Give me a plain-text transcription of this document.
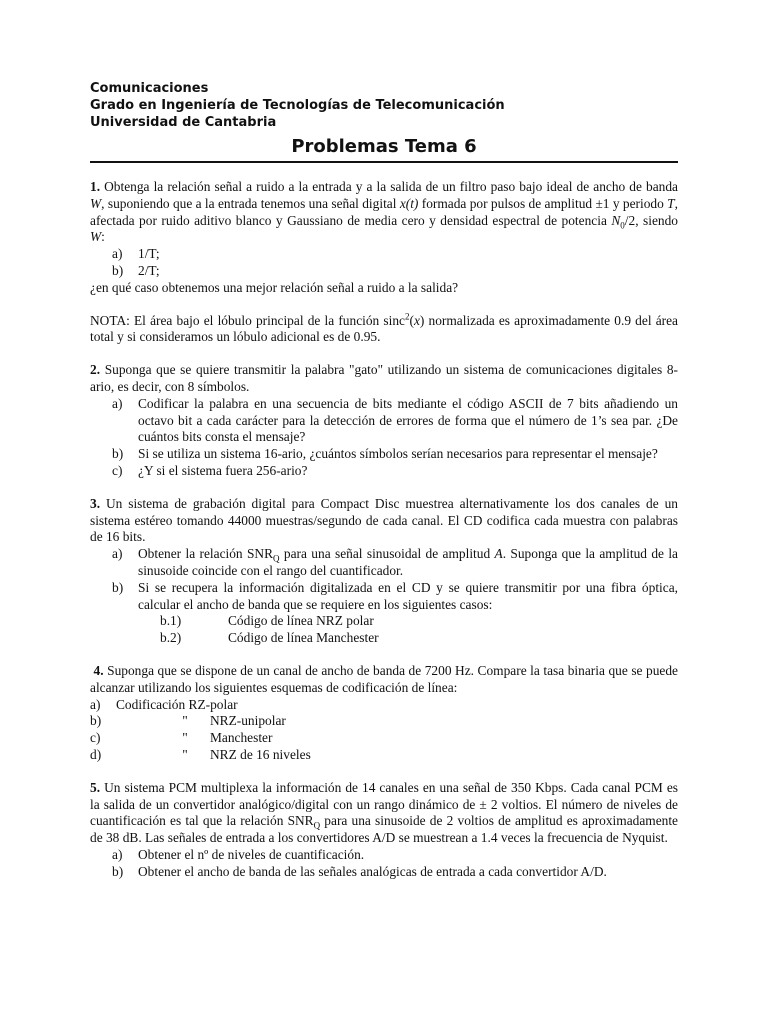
Comunicaciones
Grado en Ingeniería de Tecnologías de Telecomunicación
Universidad de Cantabria
Problemas Tema 6

1. Obtenga la relación señal a ruido a la entrada y a la salida de un filtro paso bajo ideal de ancho de banda W, suponiendo que a la entrada tenemos una señal digital x(t) formada por pulsos de amplitud ±1 y periodo T, afectada por ruido aditivo blanco y Gaussiano de media cero y densidad espectral de potencia $N_0/2$, siendo W:

a) 1/T;
b) 2/T;

¿en qué caso obtenemos una mejor relación señal a ruido a la salida?

NOTA: El área bajo el lóbulo principal de la función sinc$^2$(x) normalizada es aproximadamente 0.9 del área total y si consideramos un lóbulo adicional es de 0.95.

2. Suponga que se quiere transmitir la palabra "gato" utilizando un sistema de comunicaciones digitales 8-ario, es decir, con 8 símbolos.

a) Codificar la palabra en una secuencia de bits mediante el código ASCII de 7 bits añadiendo un octavo bit a cada carácter para la detección de errores de forma que el número de 1’s sea par. ¿De cuántos bits consta el mensaje?
b) Si se utiliza un sistema 16-ario, ¿cuántos símbolos serían necesarios para representar el mensaje?
c) ¿Y si el sistema fuera 256-ario?

3. Un sistema de grabación digital para Compact Disc muestrea alternativamente los dos canales de un sistema estéreo tomando 44000 muestras/segundo de cada canal. El CD codifica cada muestra con palabras de 16 bits.

a) Obtener la relación $SNR_Q$ para una señal sinusoidal de amplitud A. Suponga que la amplitud de la sinusoide coincide con el rango del cuantificador.
b) Si se recupera la información digitalizada en el CD y se quiere transmitir por una fibra óptica, calcular el ancho de banda que se requiere en los siguientes casos:
b.1)	Código de línea NRZ polar
b.2)	Código de línea Manchester

4. Suponga que se dispone de un canal de ancho de banda de 7200 Hz. Compare la tasa binaria que se puede alcanzar utilizando los siguientes esquemas de codificación de línea:

a) Codificación RZ-polar
b)	" NRZ-unipolar
c)	" Manchester
d)	" NRZ de 16 niveles

5. Un sistema PCM multiplexa la información de 14 canales en una señal de 350 Kbps. Cada canal PCM es la salida de un convertidor analógico/digital con un rango dinámico de ± 2 voltios. El número de niveles de cuantificación es tal que la relación $SNR_Q$ para una sinusoide de 2 voltios de amplitud es aproximadamente de 38 dB. Las señales de entrada a los convertidores A/D se muestrean a 1.4 veces la frecuencia de Nyquist.

a) Obtener el nº de niveles de cuantificación.
b) Obtener el ancho de banda de las señales analógicas de entrada a cada convertidor A/D.
